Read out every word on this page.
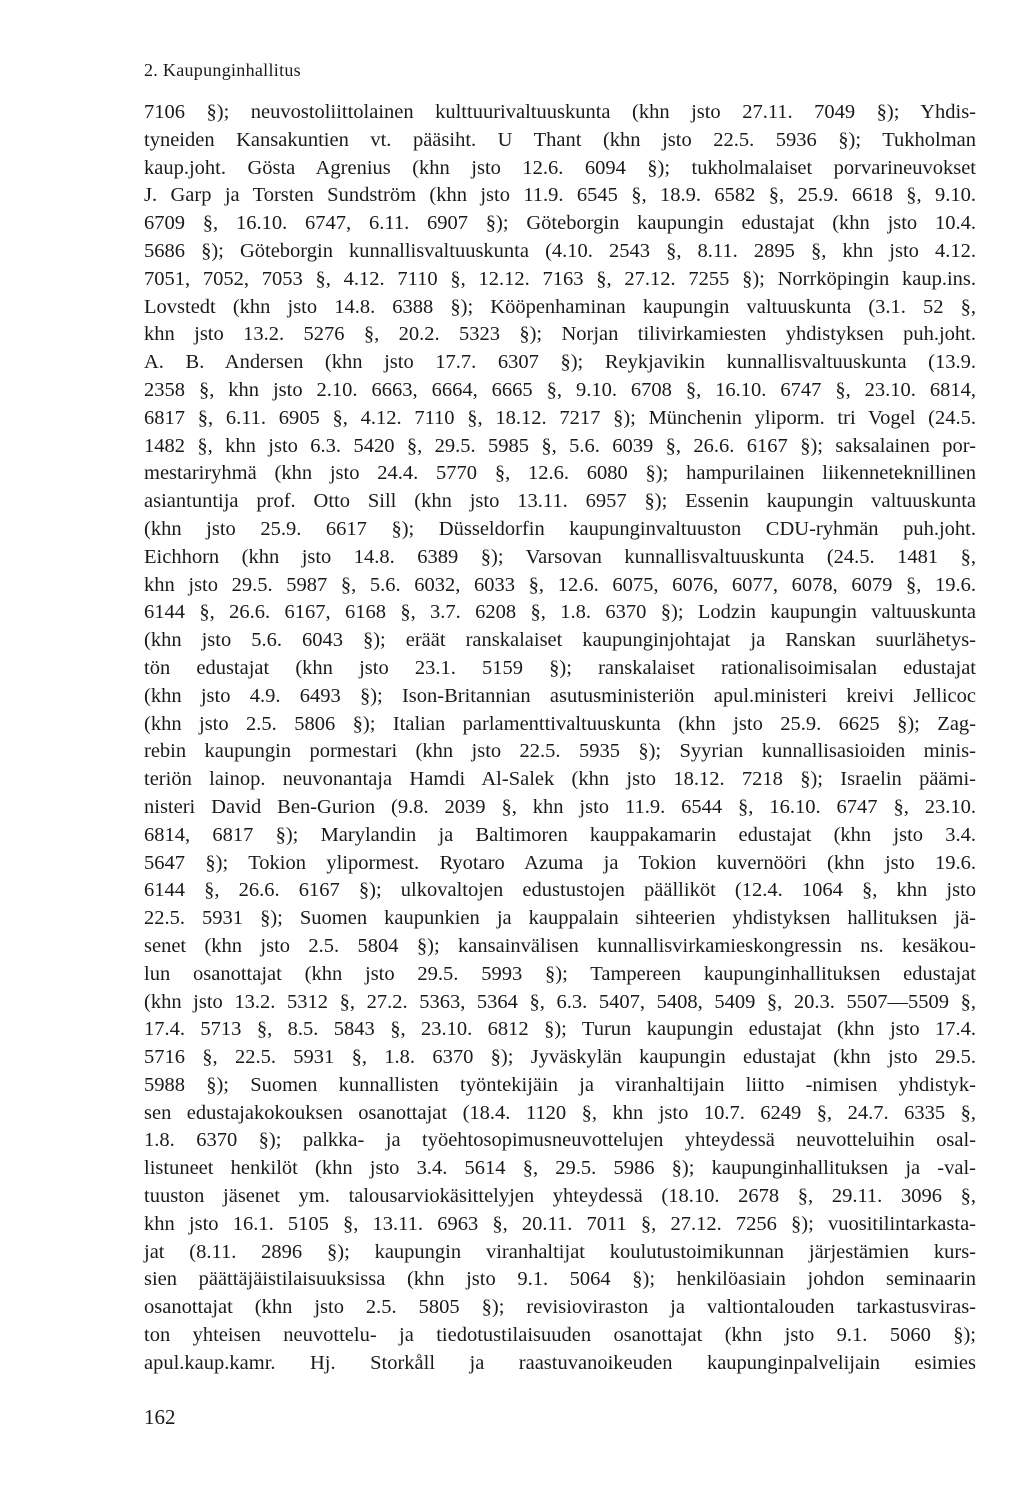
2. Kaupunginhallitus
7106 §); neuvostoliittolainen kulttuurivaltuuskunta (khn jsto 27.11. 7049 §); Yhdis-
tyneiden Kansakuntien vt. pääsiht. U Thant (khn jsto 22.5. 5936 §); Tukholman
kaup.joht. Gösta Agrenius (khn jsto 12.6. 6094 §); tukholmalaiset porvarineuvokset
J. Garp ja Torsten Sundström (khn jsto 11.9. 6545 §, 18.9. 6582 §, 25.9. 6618 §, 9.10.
6709 §, 16.10. 6747, 6.11. 6907 §); Göteborgin kaupungin edustajat (khn jsto 10.4.
5686 §); Göteborgin kunnallisvaltuuskunta (4.10. 2543 §, 8.11. 2895 §, khn jsto 4.12.
7051, 7052, 7053 §, 4.12. 7110 §, 12.12. 7163 §, 27.12. 7255 §); Norrköpingin kaup.ins.
Lovstedt (khn jsto 14.8. 6388 §); Kööpenhaminan kaupungin valtuuskunta (3.1. 52 §,
khn jsto 13.2. 5276 §, 20.2. 5323 §); Norjan tilivirkamiesten yhdistyksen puh.joht.
A. B. Andersen (khn jsto 17.7. 6307 §); Reykjavikin kunnallisvaltuuskunta (13.9.
2358 §, khn jsto 2.10. 6663, 6664, 6665 §, 9.10. 6708 §, 16.10. 6747 §, 23.10. 6814,
6817 §, 6.11. 6905 §, 4.12. 7110 §, 18.12. 7217 §); Münchenin yliporm. tri Vogel (24.5.
1482 §, khn jsto 6.3. 5420 §, 29.5. 5985 §, 5.6. 6039 §, 26.6. 6167 §); saksalainen por-
mestariryhmä (khn jsto 24.4. 5770 §, 12.6. 6080 §); hampurilainen liikenneteknillinen
asiantuntija prof. Otto Sill (khn jsto 13.11. 6957 §); Essenin kaupungin valtuuskunta
(khn jsto 25.9. 6617 §); Düsseldorfin kaupunginvaltuuston CDU-ryhmän puh.joht.
Eichhorn (khn jsto 14.8. 6389 §); Varsovan kunnallisvaltuuskunta (24.5. 1481 §,
khn jsto 29.5. 5987 §, 5.6. 6032, 6033 §, 12.6. 6075, 6076, 6077, 6078, 6079 §, 19.6.
6144 §, 26.6. 6167, 6168 §, 3.7. 6208 §, 1.8. 6370 §); Lodzin kaupungin valtuuskunta
(khn jsto 5.6. 6043 §); eräät ranskalaiset kaupunginjohtajat ja Ranskan suurlähetys-
tön edustajat (khn jsto 23.1. 5159 §); ranskalaiset rationalisoimisalan edustajat
(khn jsto 4.9. 6493 §); Ison-Britannian asutusministeriön apul.ministeri kreivi Jellicoc
(khn jsto 2.5. 5806 §); Italian parlamenttivaltuuskunta (khn jsto 25.9. 6625 §); Zag-
rebin kaupungin pormestari (khn jsto 22.5. 5935 §); Syyrian kunnallisasioiden minis-
teriön lainop. neuvonantaja Hamdi Al-Salek (khn jsto 18.12. 7218 §); Israelin päämi-
nisteri David Ben-Gurion (9.8. 2039 §, khn jsto 11.9. 6544 §, 16.10. 6747 §, 23.10.
6814, 6817 §); Marylandin ja Baltimoren kauppakamarin edustajat (khn jsto 3.4.
5647 §); Tokion ylipormest. Ryotaro Azuma ja Tokion kuvernööri (khn jsto 19.6.
6144 §, 26.6. 6167 §); ulkovaltojen edustustojen päälliköt (12.4. 1064 §, khn jsto
22.5. 5931 §); Suomen kaupunkien ja kauppalain sihteerien yhdistyksen hallituksen jä-
senet (khn jsto 2.5. 5804 §); kansainvälisen kunnallisvirkamieskongressin ns. kesäkou-
lun osanottajat (khn jsto 29.5. 5993 §); Tampereen kaupunginhallituksen edustajat
(khn jsto 13.2. 5312 §, 27.2. 5363, 5364 §, 6.3. 5407, 5408, 5409 §, 20.3. 5507—5509 §,
17.4. 5713 §, 8.5. 5843 §, 23.10. 6812 §); Turun kaupungin edustajat (khn jsto 17.4.
5716 §, 22.5. 5931 §, 1.8. 6370 §); Jyväskylän kaupungin edustajat (khn jsto 29.5.
5988 §); Suomen kunnallisten työntekijäin ja viranhaltijain liitto -nimisen yhdistyk-
sen edustajakokouksen osanottajat (18.4. 1120 §, khn jsto 10.7. 6249 §, 24.7. 6335 §,
1.8. 6370 §); palkka- ja työehtosopimusneuvottelujen yhteydessä neuvotteluihin osal-
listuneet henkilöt (khn jsto 3.4. 5614 §, 29.5. 5986 §); kaupunginhallituksen ja -val-
tuuston jäsenet ym. talousarviokäsittelyjen yhteydessä (18.10. 2678 §, 29.11. 3096 §,
khn jsto 16.1. 5105 §, 13.11. 6963 §, 20.11. 7011 §, 27.12. 7256 §); vuositilintarkasta-
jat (8.11. 2896 §); kaupungin viranhaltijat koulutustoimikunnan järjestämien kurs-
sien päättäjäistilaisuuksissa (khn jsto 9.1. 5064 §); henkilöasiain johdon seminaarin
osanottajat (khn jsto 2.5. 5805 §); revisioviraston ja valtiontalouden tarkastusviras-
ton yhteisen neuvottelu- ja tiedotustilaisuuden osanottajat (khn jsto 9.1. 5060 §);
apul.kaup.kamr. Hj. Storkåll ja raastuvanoikeuden kaupunginpalvelijain esimies
162
